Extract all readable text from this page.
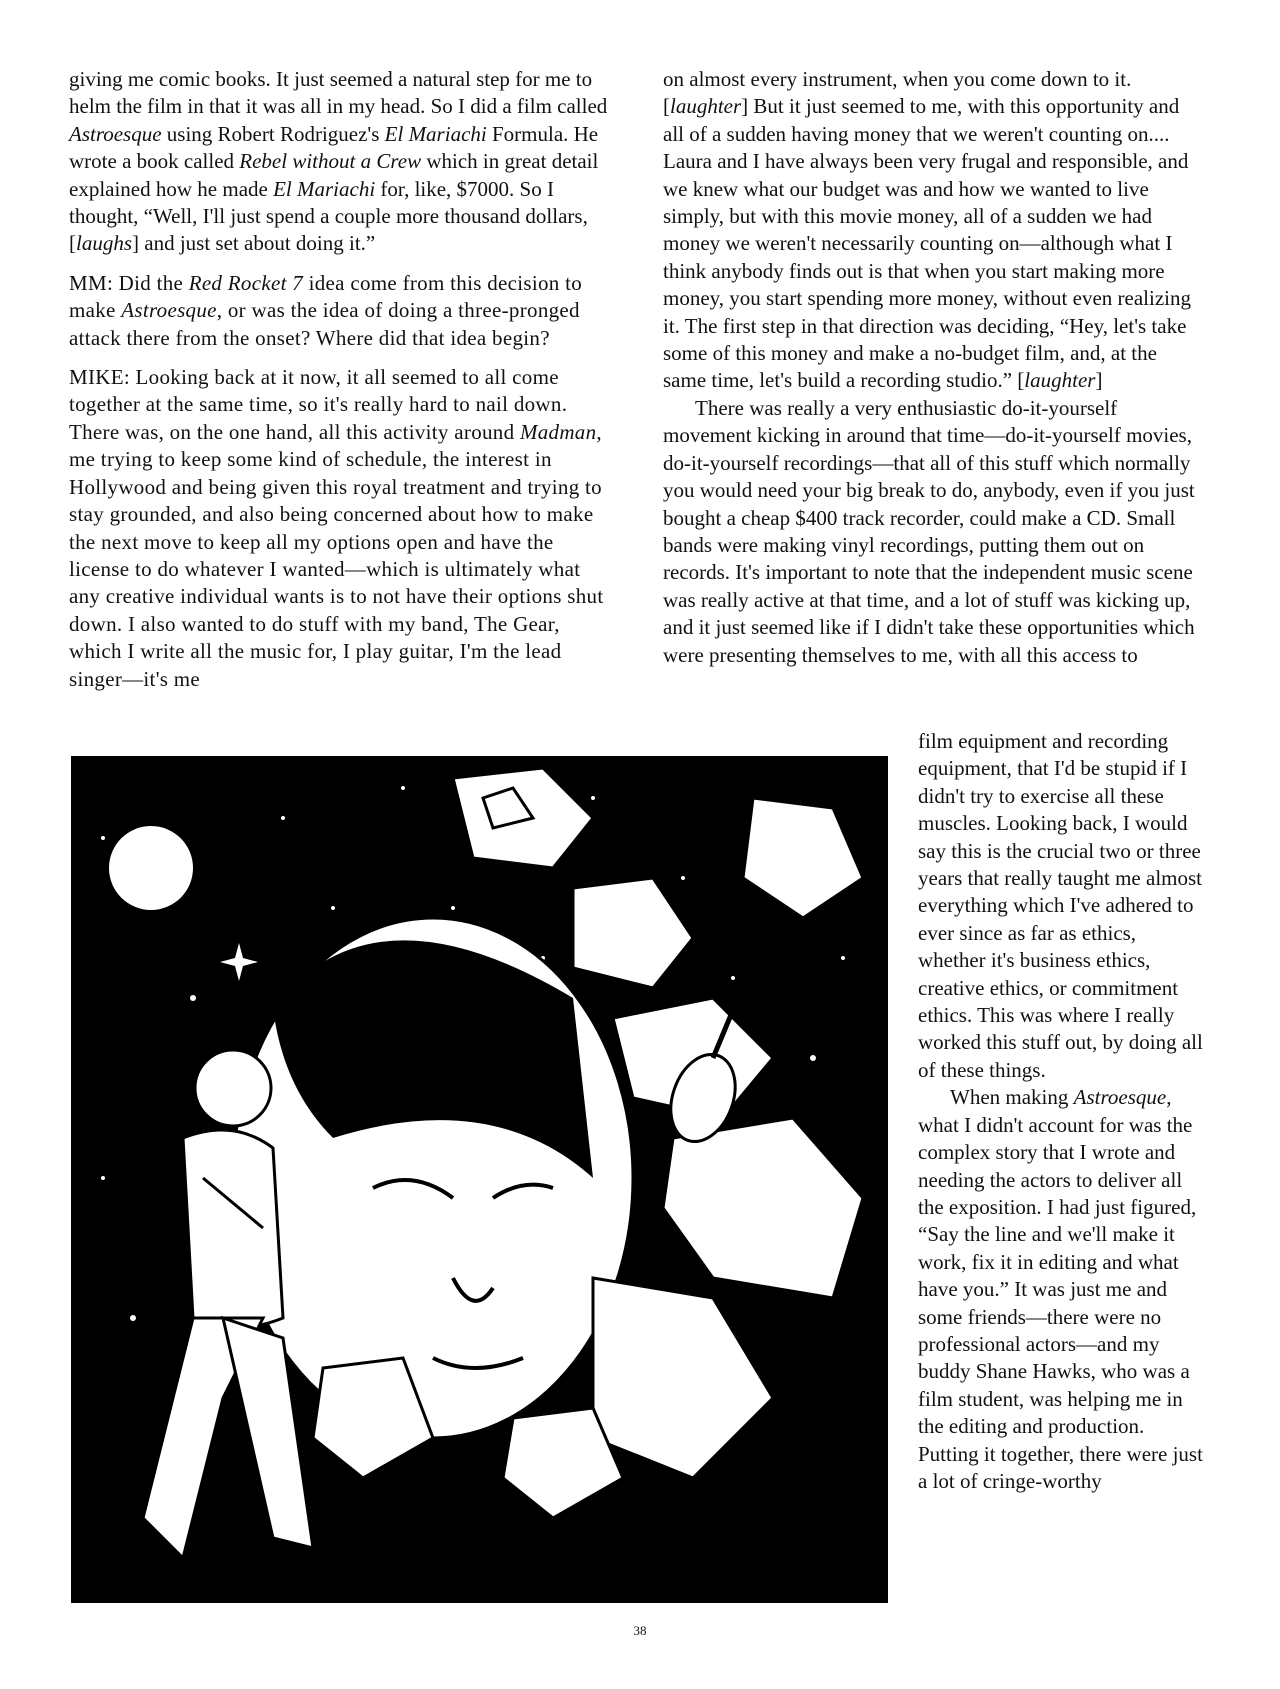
giving me comic books. It just seemed a natural step for me to helm the film in that it was all in my head. So I did a film called Astroesque using Robert Rodriguez's El Mariachi Formula. He wrote a book called Rebel without a Crew which in great detail explained how he made El Mariachi for, like, $7000. So I thought, “Well, I'll just spend a couple more thousand dollars, [laughs] and just set about doing it.”

MM: Did the Red Rocket 7 idea come from this decision to make Astroesque, or was the idea of doing a three-pronged attack there from the onset? Where did that idea begin?

MIKE: Looking back at it now, it all seemed to all come together at the same time, so it's really hard to nail down. There was, on the one hand, all this activity around Madman, me trying to keep some kind of schedule, the interest in Hollywood and being given this royal treatment and trying to stay grounded, and also being concerned about how to make the next move to keep all my options open and have the license to do whatever I wanted—which is ultimately what any creative individual wants is to not have their options shut down. I also wanted to do stuff with my band, The Gear, which I write all the music for, I play guitar, I'm the lead singer—it's me

on almost every instrument, when you come down to it. [laughter] But it just seemed to me, with this opportunity and all of a sudden having money that we weren't counting on.... Laura and I have always been very frugal and responsible, and we knew what our budget was and how we wanted to live simply, but with this movie money, all of a sudden we had money we weren't necessarily counting on—although what I think anybody finds out is that when you start making more money, you start spending more money, without even realizing it. The first step in that direction was deciding, “Hey, let's take some of this money and make a no-budget film, and, at the same time, let's build a recording studio.” [laughter]

There was really a very enthusiastic do-it-yourself movement kicking in around that time—do-it-yourself movies, do-it-yourself recordings—that all of this stuff which normally you would need your big break to do, anybody, even if you just bought a cheap $400 track recorder, could make a CD. Small bands were making vinyl recordings, putting them out on records. It's important to note that the independent music scene was really active at that time, and a lot of stuff was kicking up, and it just seemed like if I didn't take these opportunities which were presenting themselves to me, with all this access to

film equipment and recording equipment, that I'd be stupid if I didn't try to exercise all these muscles. Looking back, I would say this is the crucial two or three years that really taught me almost everything which I've adhered to ever since as far as ethics, whether it's business ethics, creative ethics, or commitment ethics. This was where I really worked this stuff out, by doing all of these things.

When making Astroesque, what I didn't account for was the complex story that I wrote and needing the actors to deliver all the exposition. I had just figured, “Say the line and we'll make it work, fix it in editing and what have you.” It was just me and some friends—there were no professional actors—and my buddy Shane Hawks, who was a film student, was helping me in the editing and production. Putting it together, there were just a lot of cringe-worthy

38
